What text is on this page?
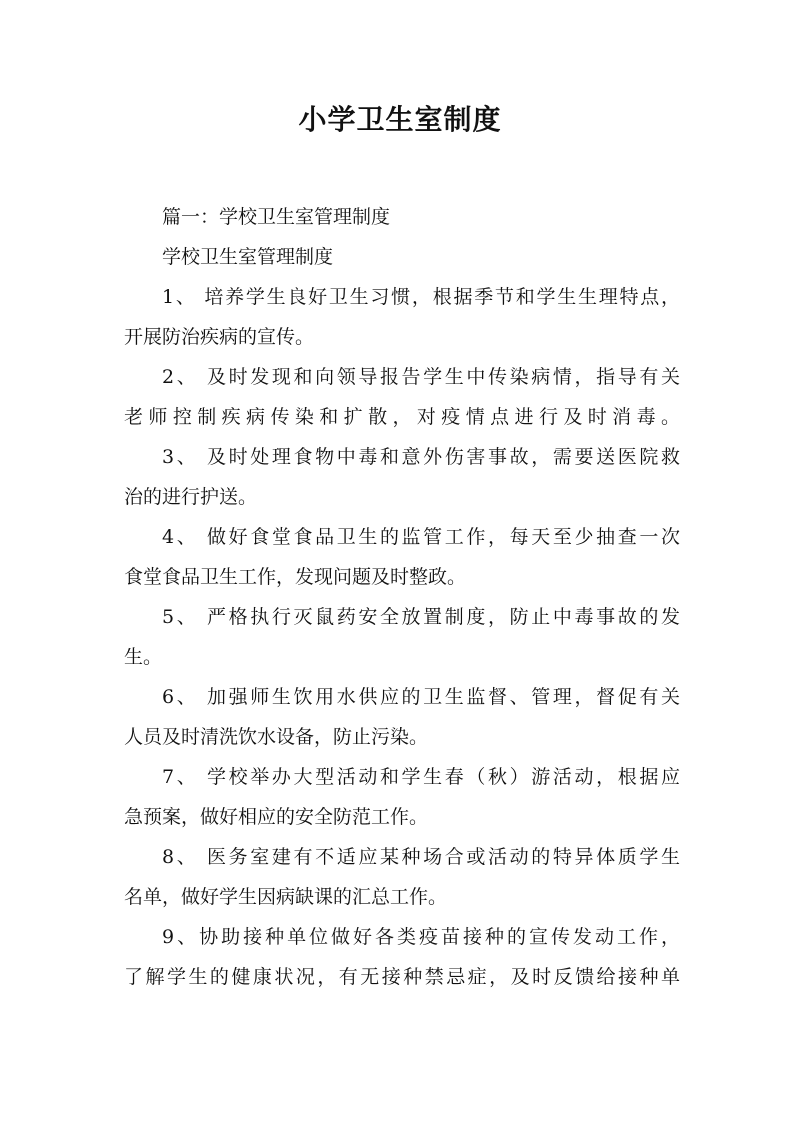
小学卫生室制度
篇一：学校卫生室管理制度
学校卫生室管理制度
1、 培养学生良好卫生习惯，根据季节和学生生理特点，
开展防治疾病的宣传。
2、 及时发现和向领导报告学生中传染病情，指导有关
老师控制疾病传染和扩散，对疫情点进行及时消毒。
3、 及时处理食物中毒和意外伤害事故，需要送医院救
治的进行护送。
4、 做好食堂食品卫生的监管工作，每天至少抽查一次
食堂食品卫生工作，发现问题及时整政。
5、 严格执行灭鼠药安全放置制度，防止中毒事故的发
生。
6、 加强师生饮用水供应的卫生监督、管理，督促有关
人员及时清洗饮水设备，防止污染。
7、 学校举办大型活动和学生春（秋）游活动，根据应
急预案，做好相应的安全防范工作。
8、 医务室建有不适应某种场合或活动的特异体质学生
名单，做好学生因病缺课的汇总工作。
9、协助接种单位做好各类疫苗接种的宣传发动工作，
了解学生的健康状况，有无接种禁忌症，及时反馈给接种单
